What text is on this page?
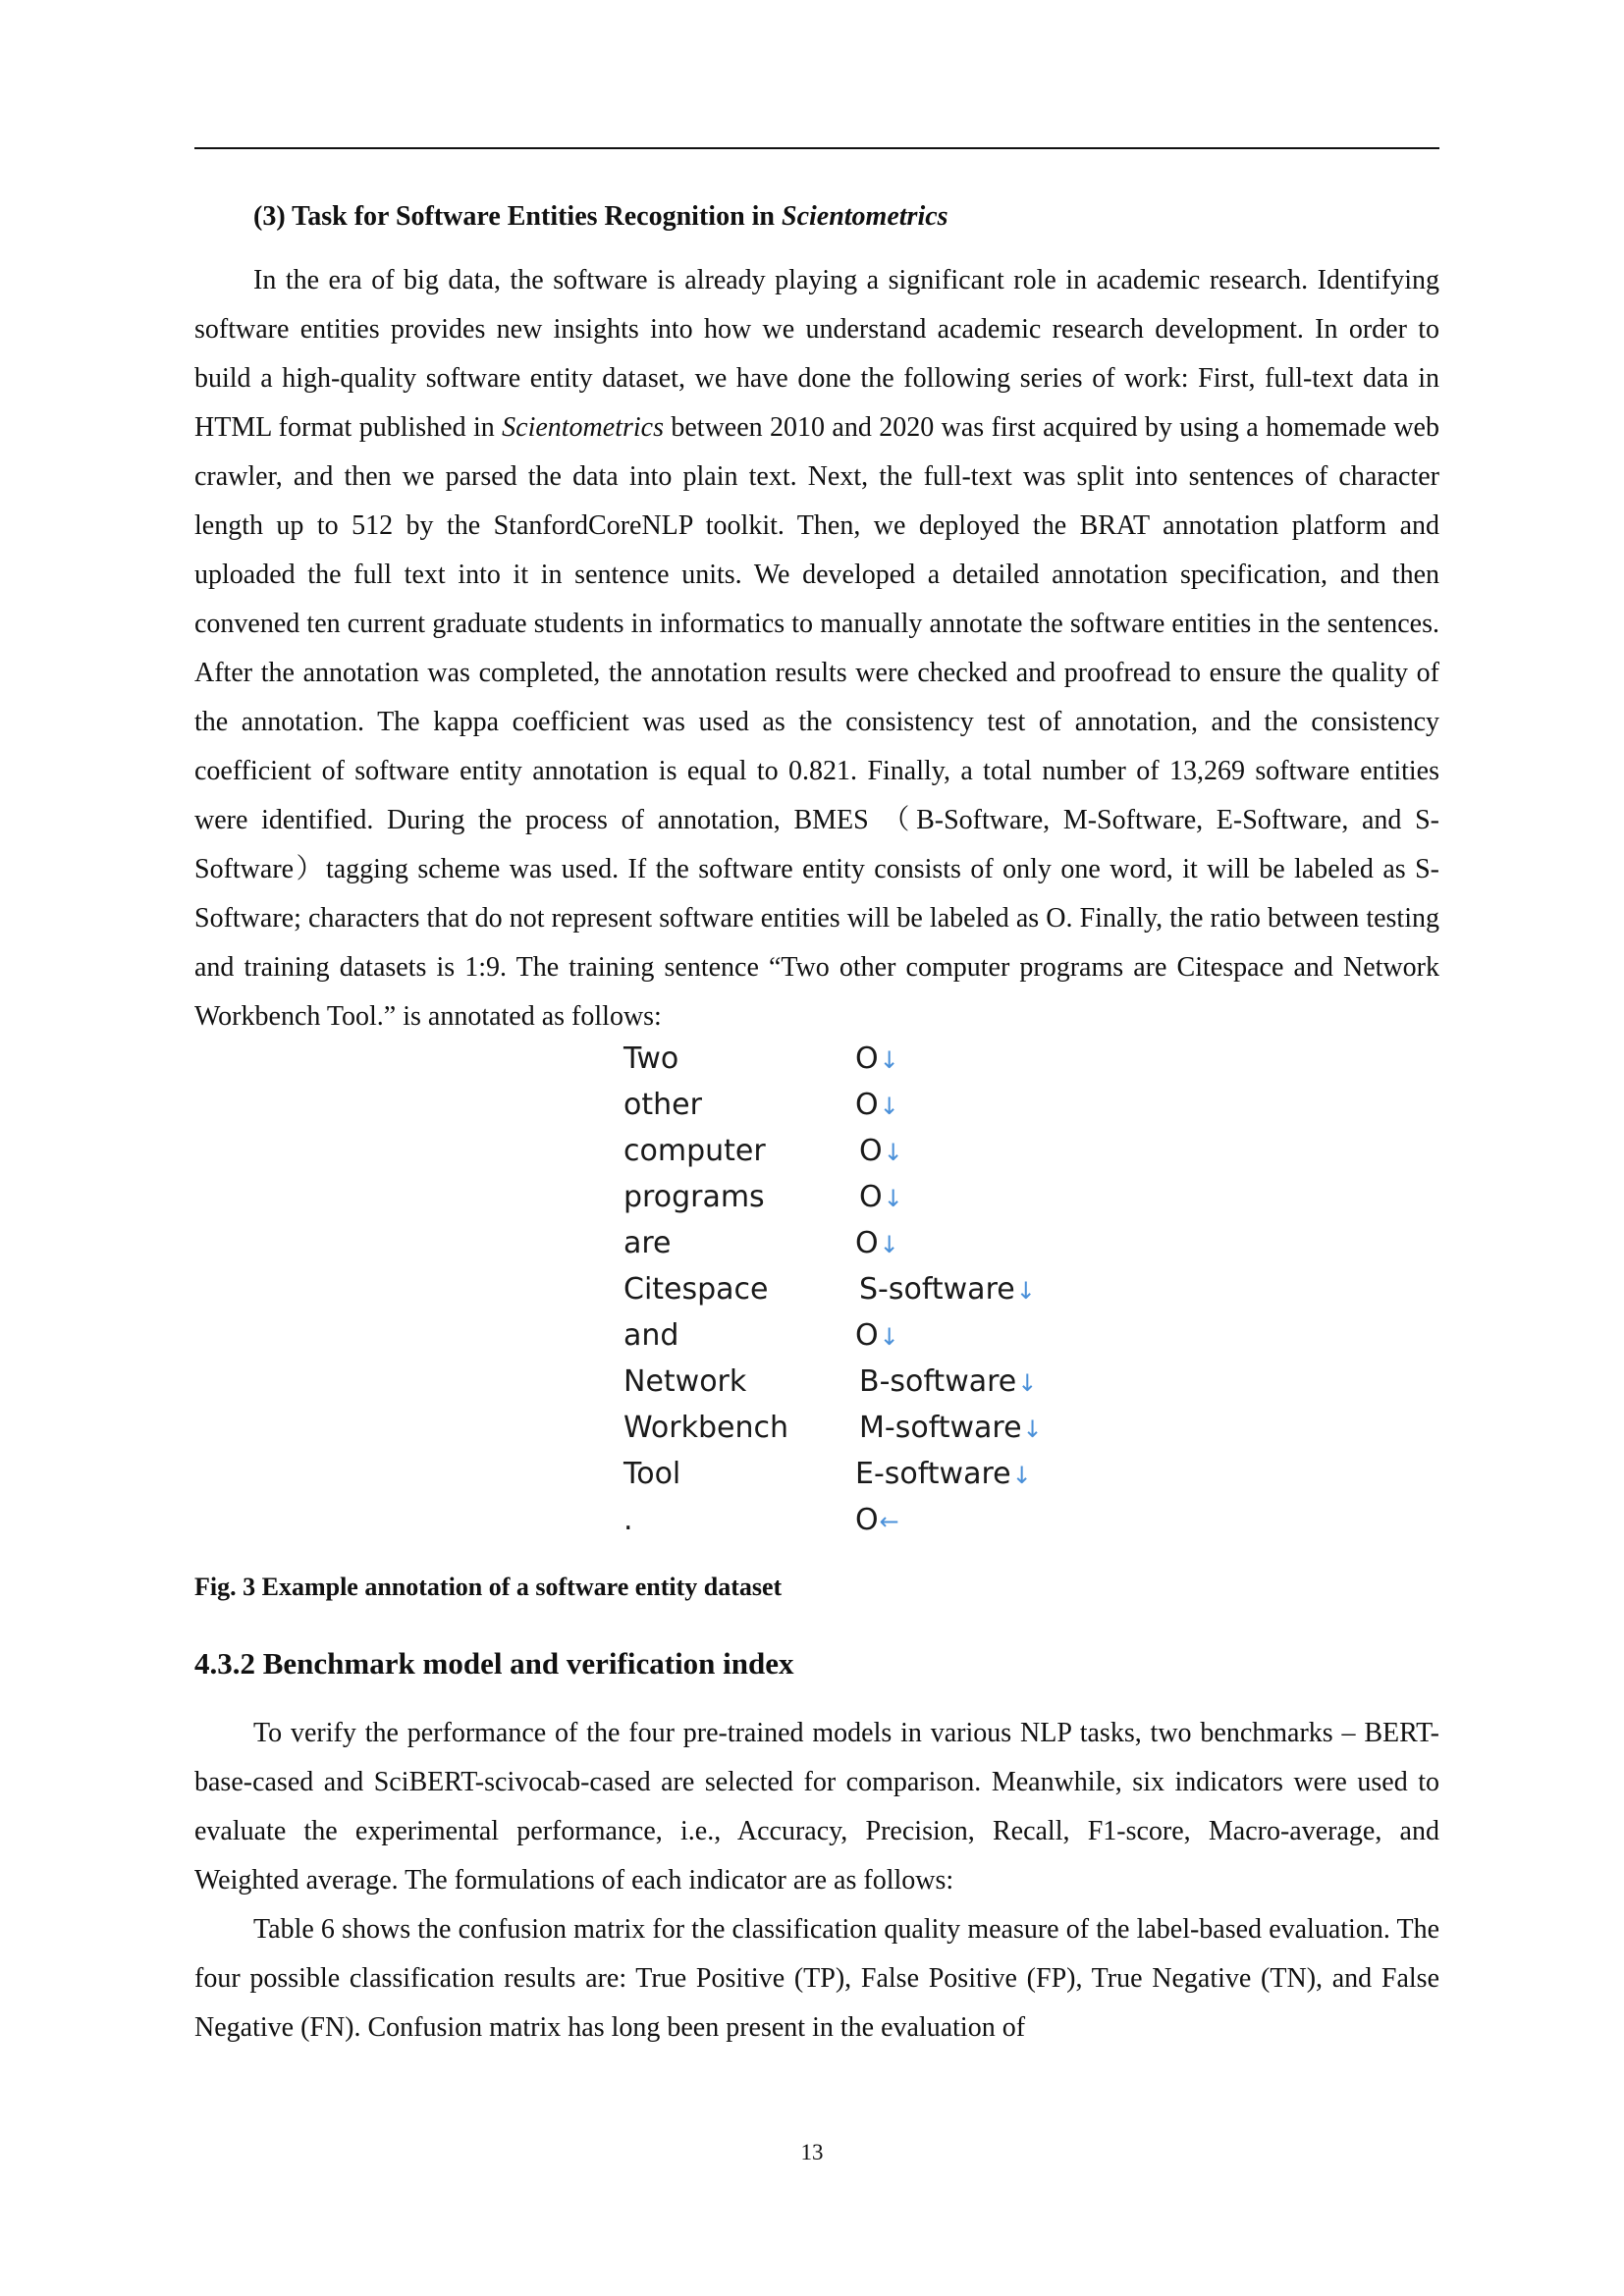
(3) Task for Software Entities Recognition in Scientometrics

In the era of big data, the software is already playing a significant role in academic research. Identifying software entities provides new insights into how we understand academic research development. In order to build a high-quality software entity dataset, we have done the following series of work: First, full-text data in HTML format published in Scientometrics between 2010 and 2020 was first acquired by using a homemade web crawler, and then we parsed the data into plain text. Next, the full-text was split into sentences of character length up to 512 by the StanfordCoreNLP toolkit. Then, we deployed the BRAT annotation platform and uploaded the full text into it in sentence units. We developed a detailed annotation specification, and then convened ten current graduate students in informatics to manually annotate the software entities in the sentences. After the annotation was completed, the annotation results were checked and proofread to ensure the quality of the annotation. The kappa coefficient was used as the consistency test of annotation, and the consistency coefficient of software entity annotation is equal to 0.821. Finally, a total number of 13,269 software entities were identified. During the process of annotation, BMES （B-Software, M-Software, E-Software, and S-Software）tagging scheme was used. If the software entity consists of only one word, it will be labeled as S-Software; characters that do not represent software entities will be labeled as O. Finally, the ratio between testing and training datasets is 1:9. The training sentence “Two other computer programs are Citespace and Network Workbench Tool.” is annotated as follows:

Two	O↓
other	O↓
computer	O↓
programs	O↓
are	O↓
Citespace	S-software↓
and	O↓
Network	B-software↓
Workbench M-software↓
Tool	E-software↓
.	O←
Fig. 3 Example annotation of a software entity dataset
4.3.2 Benchmark model and verification index

To verify the performance of the four pre-trained models in various NLP tasks, two benchmarks – BERT-base-cased and SciBERT-scivocab-cased are selected for comparison. Meanwhile, six indicators were used to evaluate the experimental performance, i.e., Accuracy, Precision, Recall, F1-score, Macro-average, and Weighted average. The formulations of each indicator are as follows:

Table 6 shows the confusion matrix for the classification quality measure of the label-based evaluation. The four possible classification results are: True Positive (TP), False Positive (FP), True Negative (TN), and False Negative (FN). Confusion matrix has long been present in the evaluation of

13
